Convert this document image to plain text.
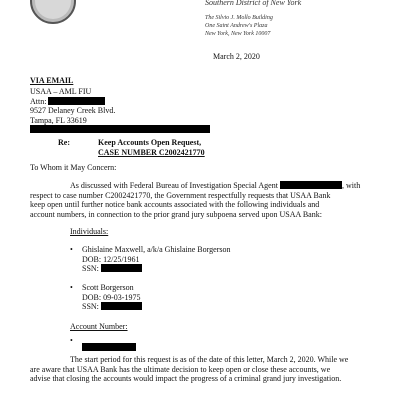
Southern District of New York
The Silvio J. Mollo Building
One Saint Andrew's Plaza
New York, New York 10007
March 2, 2020
VIA EMAIL
USAA – AML FIU
Attn:
9527 Delaney Creek Blvd.
Tampa, FL 33619
Re:	Keep Accounts Open Request,
CASE NUMBER C2002421770
To Whom it May Concern:

As discussed with Federal Bureau of Investigation Special Agent	, with

respect to case number C2002421770, the Government respectfully requests that USAA Bank

keep open until further notice bank accounts associated with the following individuals and

account numbers, in connection to the prior grand jury subpoena served upon USAA Bank:

Individuals:
• Ghislaine Maxwell, a/k/a Ghislaine Borgerson
DOB: 12/25/1961
SSN:
• Scott Borgerson
DOB: 09-03-1975
SSN:
Account Number:
•

The start period for this request is as of the date of this letter, March 2, 2020. While we

are aware that USAA Bank has the ultimate decision to keep open or close these accounts, we

advise that closing the accounts would impact the progress of a criminal grand jury investigation.
